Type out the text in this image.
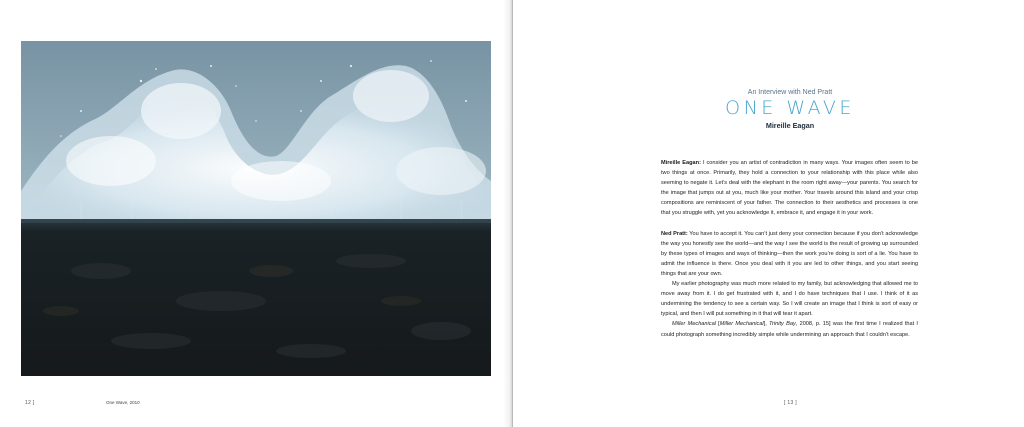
12 ]	One Wave, 2010
An Interview with Ned Pratt
ONE WAVE
Mireille Eagan

Mireille Eagan: I consider you an artist of contradiction in many ways. Your images often seem to be two things at once. Primarily, they hold a connection to your relationship with this place while also seeming to negate it. Let’s deal with the elephant in the room right away—your parents. You search for the image that jumps out at you, much like your mother. Your travels around this island and your crisp compositions are reminiscent of your father. The connection to their aesthetics and processes is one that you struggle with, yet you acknowledge it, embrace it, and engage it in your work.

Ned Pratt: You have to accept it. You can’t just deny your connection because if you don’t acknowledge the way you honestly see the world—and the way I see the world is the result of growing up surrounded by these types of images and ways of thinking—then the work you’re doing is sort of a lie. You have to admit the influence is there. Once you deal with it you are led to other things, and you start seeing things that are your own.

My earlier photography was much more related to my family, but acknowledging that allowed me to move away from it. I do get frustrated with it, and I do have techniques that I use. I think of it as undermining the tendency to see a certain way. So I will create an image that I think is sort of easy or typical, and then I will put something in it that will tear it apart.

Miller Mechanical [Miller Mechanical], Trinity Bay, 2008, p. 15] was the first time I realized that I could photograph something incredibly simple while undermining an approach that I couldn’t escape.

[ 13 ]
